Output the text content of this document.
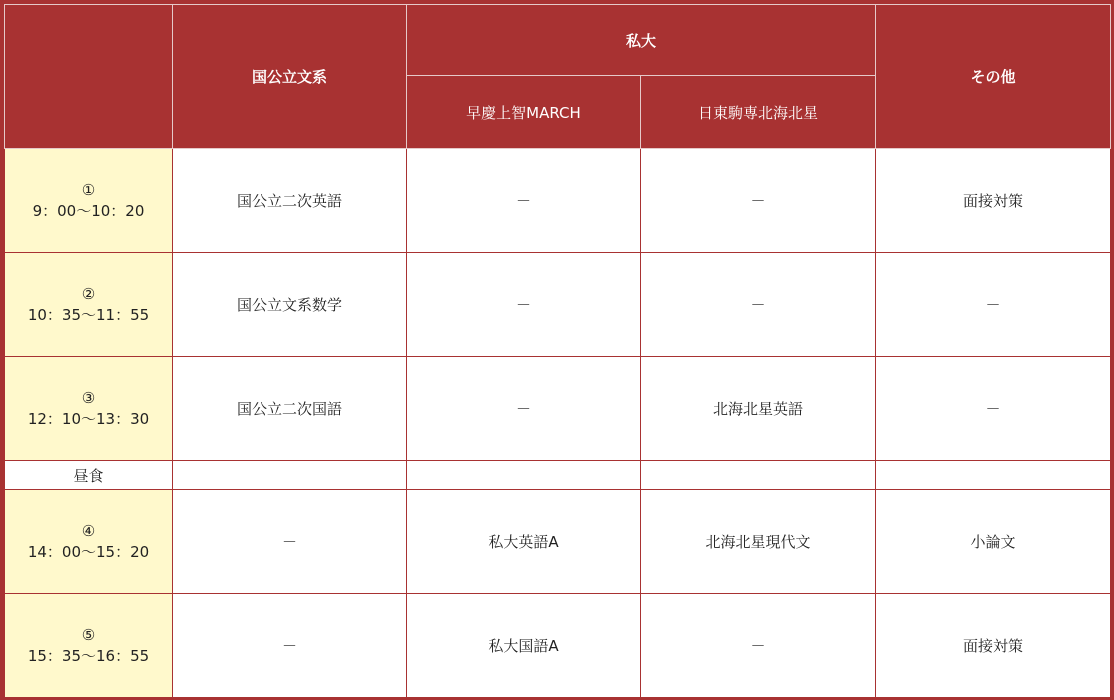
	国公立文系	私大		その他
		早慶上智MARCH	日東駒専北海北星	

①
9：00～10：20	国公立二次英語	－	－	面接対策

②
10：35～11：55	国公立文系数学	－	－	－

③
12：10～13：30	国公立二次国語	－	北海北星英語	－
昼食				

④
14：00～15：20	－	私大英語A	北海北星現代文	小論文

⑤
15：35～16：55	－	私大国語A	－	面接対策
